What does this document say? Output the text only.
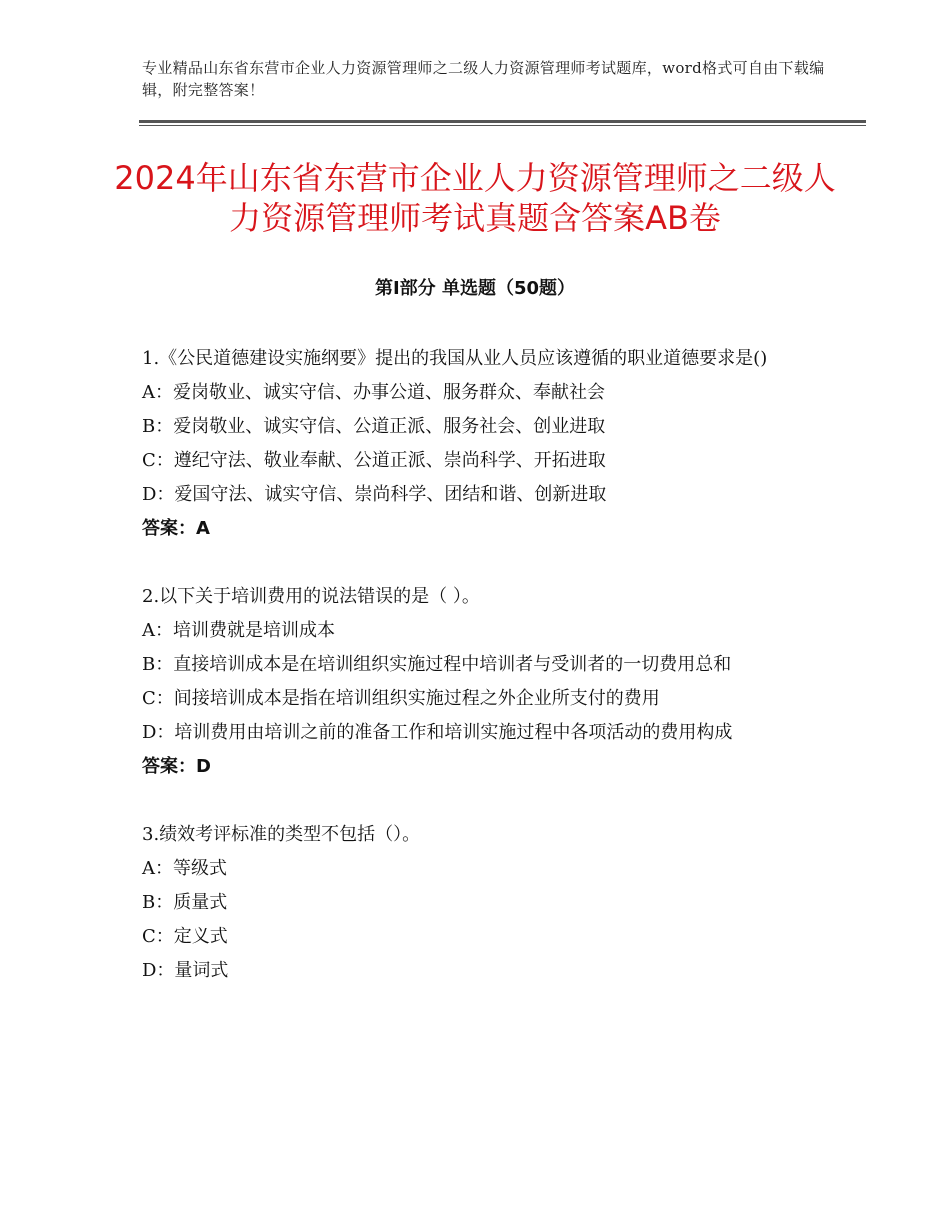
专业精品山东省东营市企业人力资源管理师之二级人力资源管理师考试题库，word格式可自由下载编辑，附完整答案！
2024年山东省东营市企业人力资源管理师之二级人力资源管理师考试真题含答案AB卷
第Ⅰ部分 单选题（50题）
1.《公民道德建设实施纲要》提出的我国从业人员应该遵循的职业道德要求是()
A：爱岗敬业、诚实守信、办事公道、服务群众、奉献社会
B：爱岗敬业、诚实守信、公道正派、服务社会、创业进取
C：遵纪守法、敬业奉献、公道正派、崇尚科学、开拓进取
D：爱国守法、诚实守信、崇尚科学、团结和谐、创新进取
答案：A
2.以下关于培训费用的说法错误的是（ ）。
A：培训费就是培训成本
B：直接培训成本是在培训组织实施过程中培训者与受训者的一切费用总和
C：间接培训成本是指在培训组织实施过程之外企业所支付的费用
D：培训费用由培训之前的准备工作和培训实施过程中各项活动的费用构成
答案：D
3.绩效考评标准的类型不包括（）。
A：等级式
B：质量式
C：定义式
D：量词式
